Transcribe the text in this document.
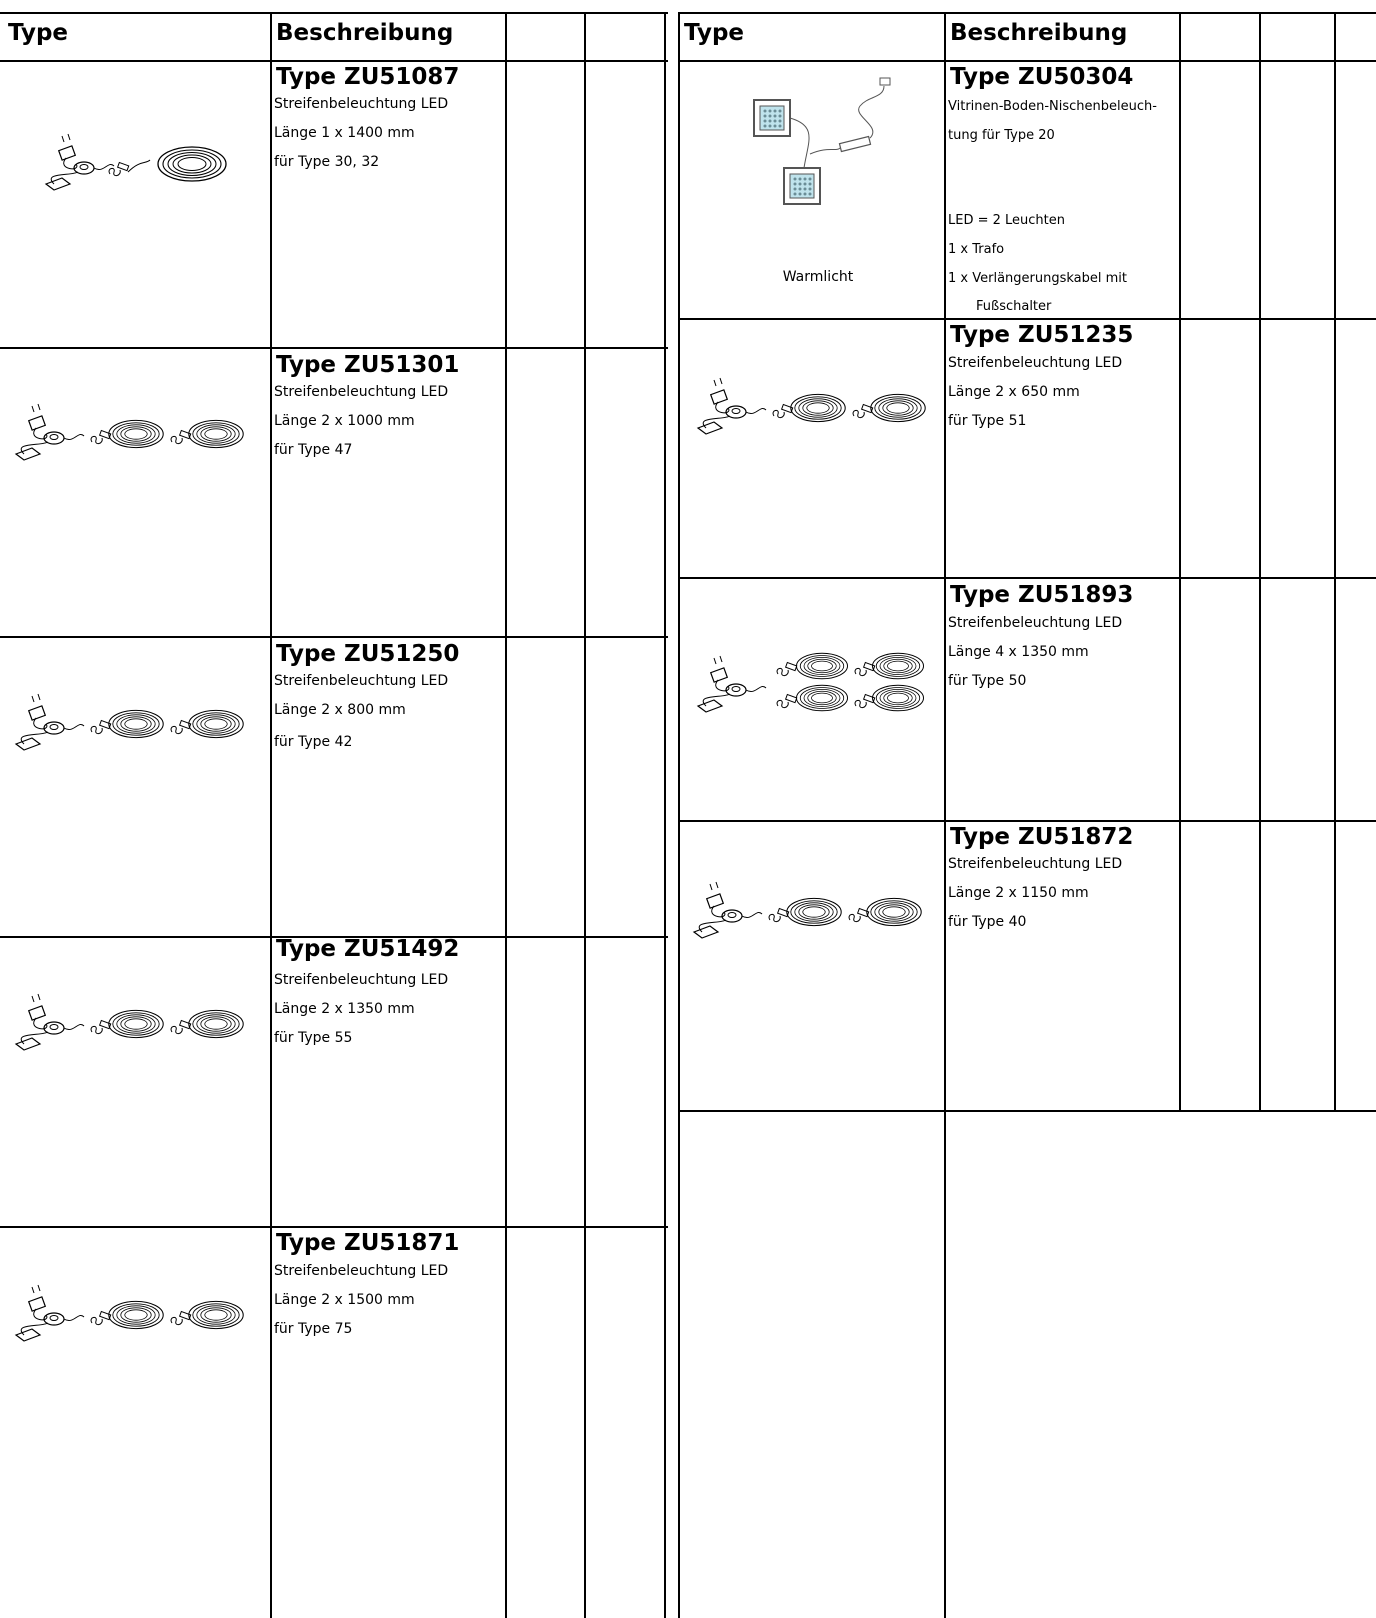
Type	Beschreibung
Type ZU51087
Streifenbeleuchtung LED
Länge 1 x 1400 mm
für Type 30, 32
Type ZU51301
Streifenbeleuchtung LED
Länge 2 x 1000 mm
für Type 47
Type ZU51250
Streifenbeleuchtung LED
Länge 2 x 800 mm
für Type 42
Type ZU51492
Streifenbeleuchtung LED
Länge 2 x 1350 mm
für Type 55
Type ZU51871
Streifenbeleuchtung LED
Länge 2 x 1500 mm
für Type 75
Type	Beschreibung
Warmlicht
Type ZU50304
Vitrinen-Boden-Nischenbeleuch-
tung für Type 20
LED = 2 Leuchten
1 x Trafo
1 x Verlängerungskabel mit
Fußschalter
Type ZU51235
Streifenbeleuchtung LED
Länge 2 x 650 mm
für Type 51
Type ZU51893
Streifenbeleuchtung LED
Länge 4 x 1350 mm
für Type 50
Type ZU51872
Streifenbeleuchtung LED
Länge 2 x 1150 mm
für Type 40
